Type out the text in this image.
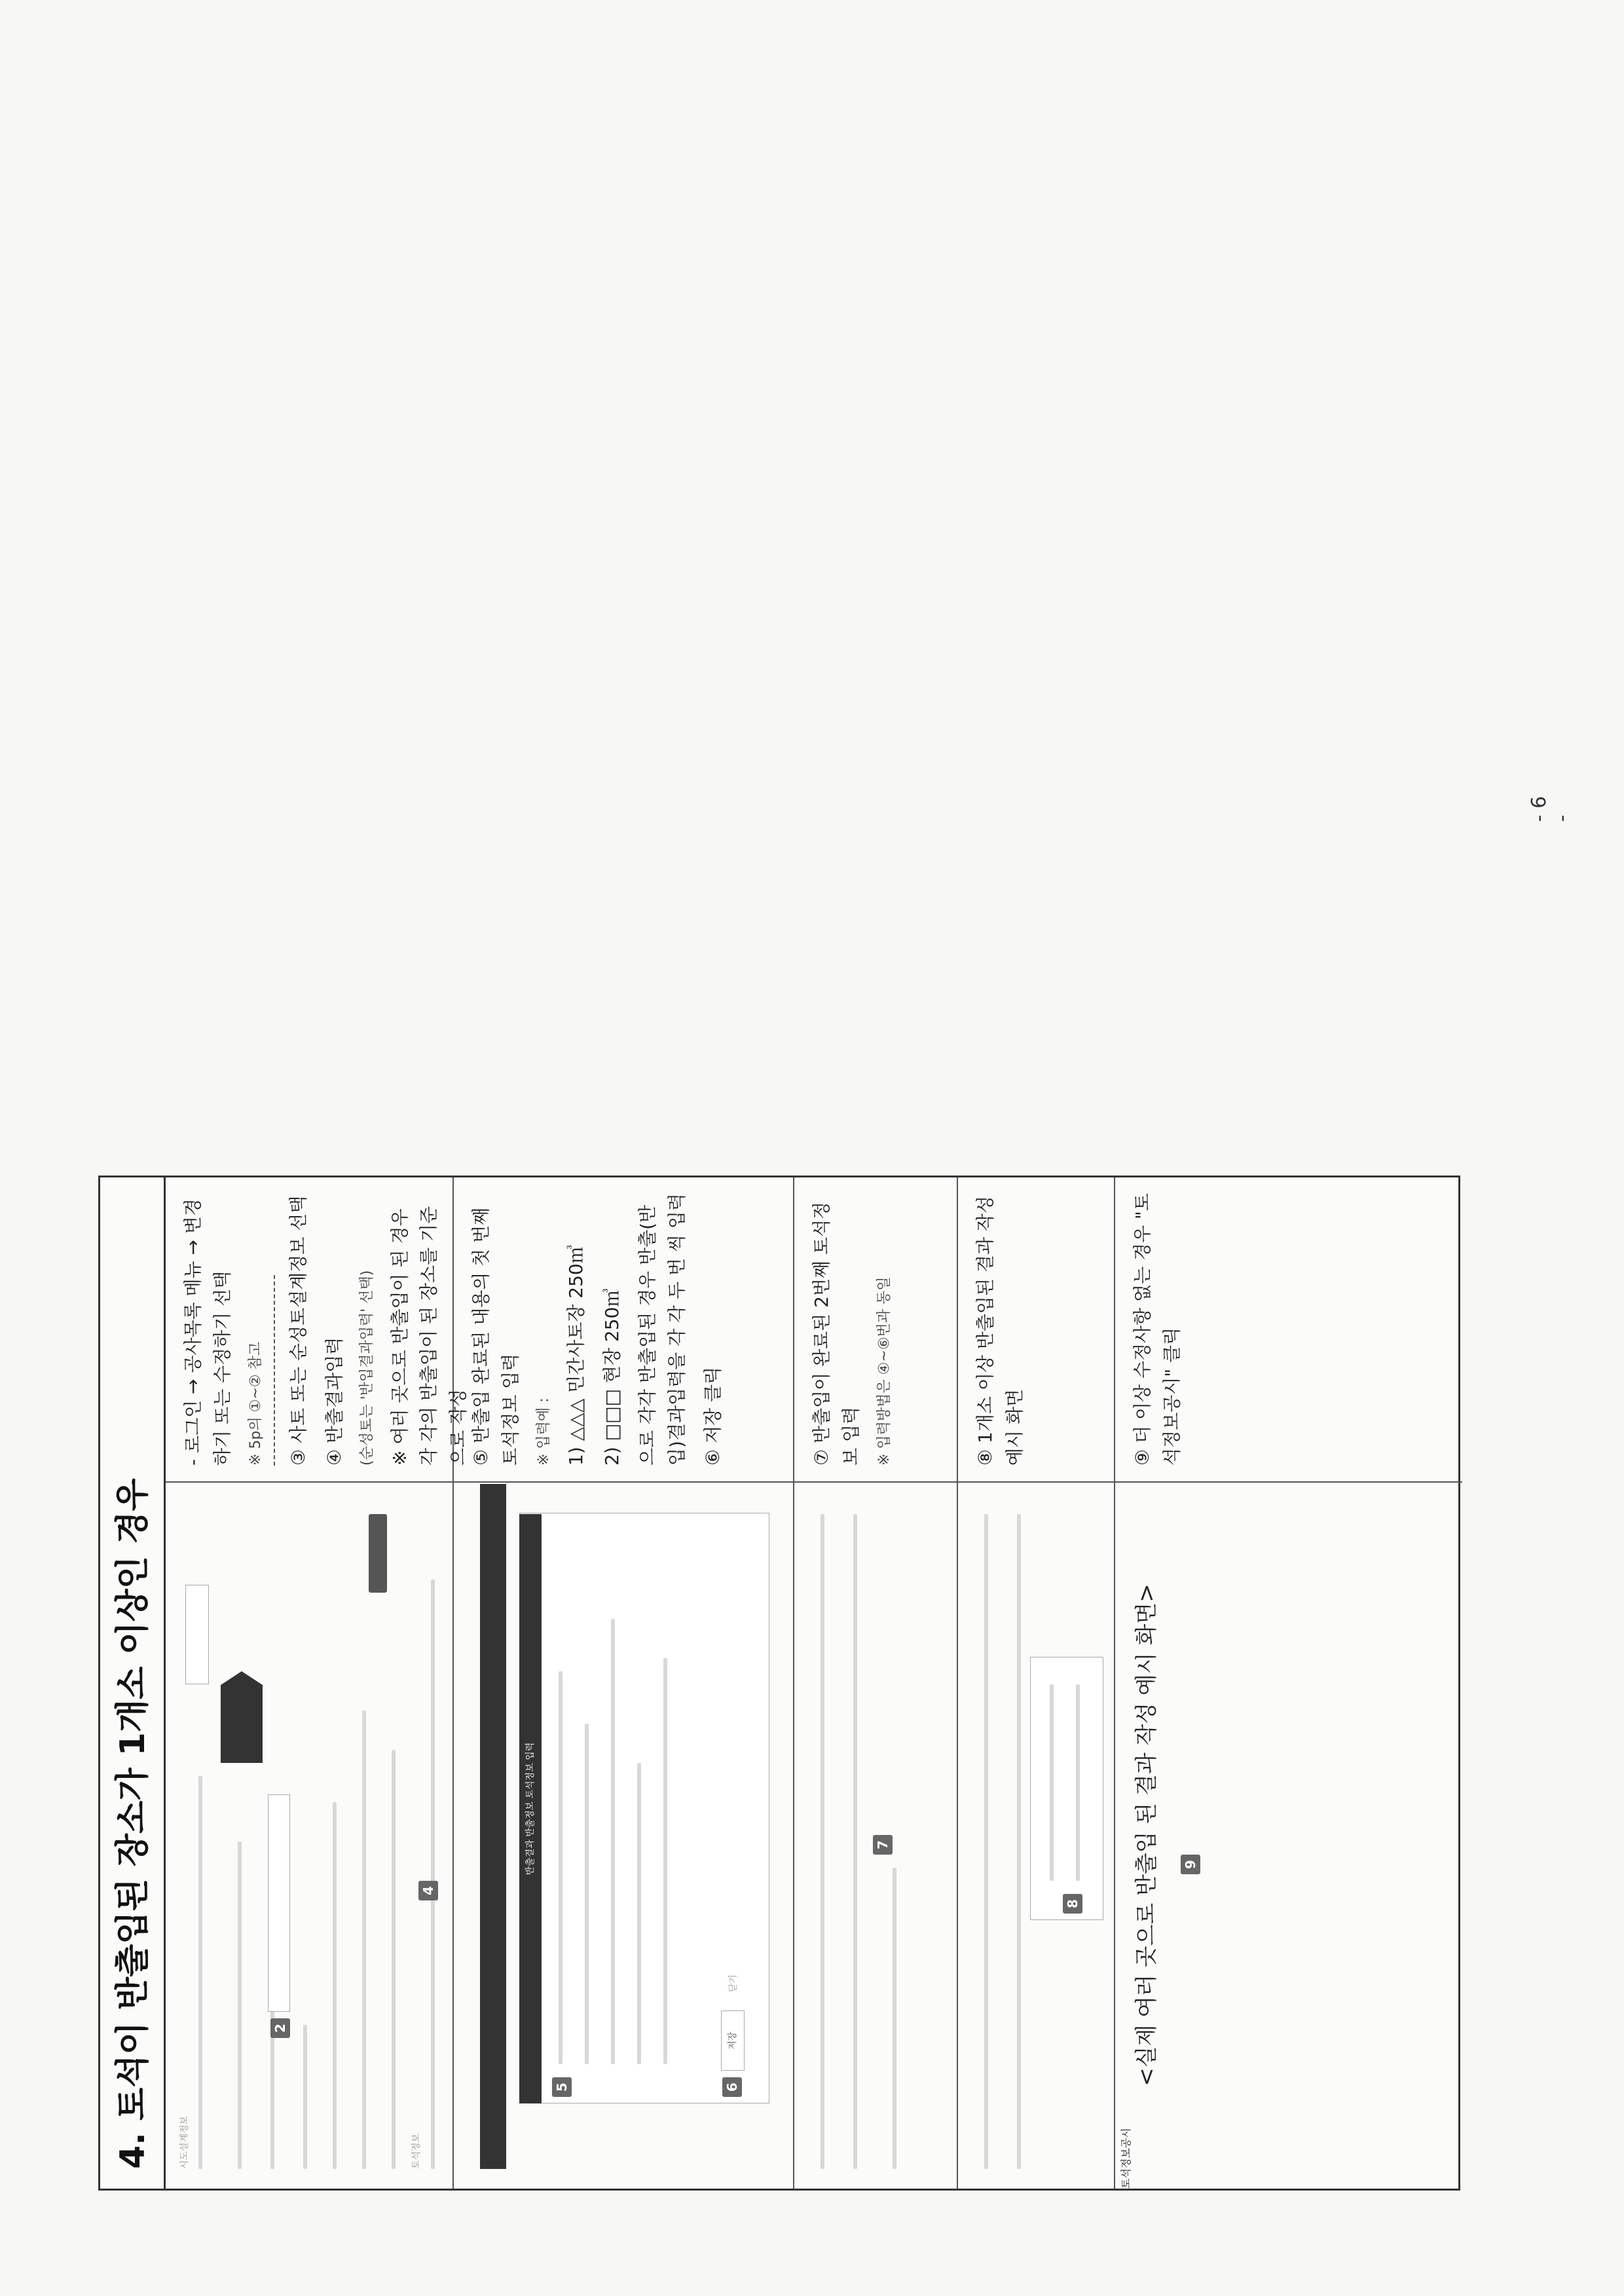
4. 토석이 반출입된 장소가 1개소 이상인 경우	시도설계정보
2
토석정보
4

- 로그인 → 공사목록 메뉴 → 변경하기 또는 수정하기 선택 ※ 5p의 ①~② 참고 ③ 사토 또는 순성토설계정보 선택 ④ 반출결과입력 (순성토는 '반입결과입력' 선택) ※ 여러 곳으로 반출입이 된 경우 각 각의 반출입이 된 장소를 기준으로 작성

반출결과 반출정보 토석정보 입력
5	6
저장
닫기

⑤ 반출입 완료된 내용의 첫 번째 토석정보 입력 ※ 입력예 : 1) △△△ 민간사토장 250㎥ 2) □□□ 현장 250㎥ 으로 각각 반출입된 경우 반출(반입)결과입력을 각 각 두 번 씩 입력 ⑥ 저장 클릭

7

⑦ 반출입이 완료된 2번째 토석정보 입력 ※ 입력방법은 ④~⑥번과 동일

8

⑧ 1개소 이상 반출입된 결과 작성 예시 화면

<실제 여러 곳으로 반출입 된 결과 작성 예시 화면> 9
토석정보공시

⑨ 더 이상 수정사항 없는 경우 "토석정보공시" 클릭

- 6 -
